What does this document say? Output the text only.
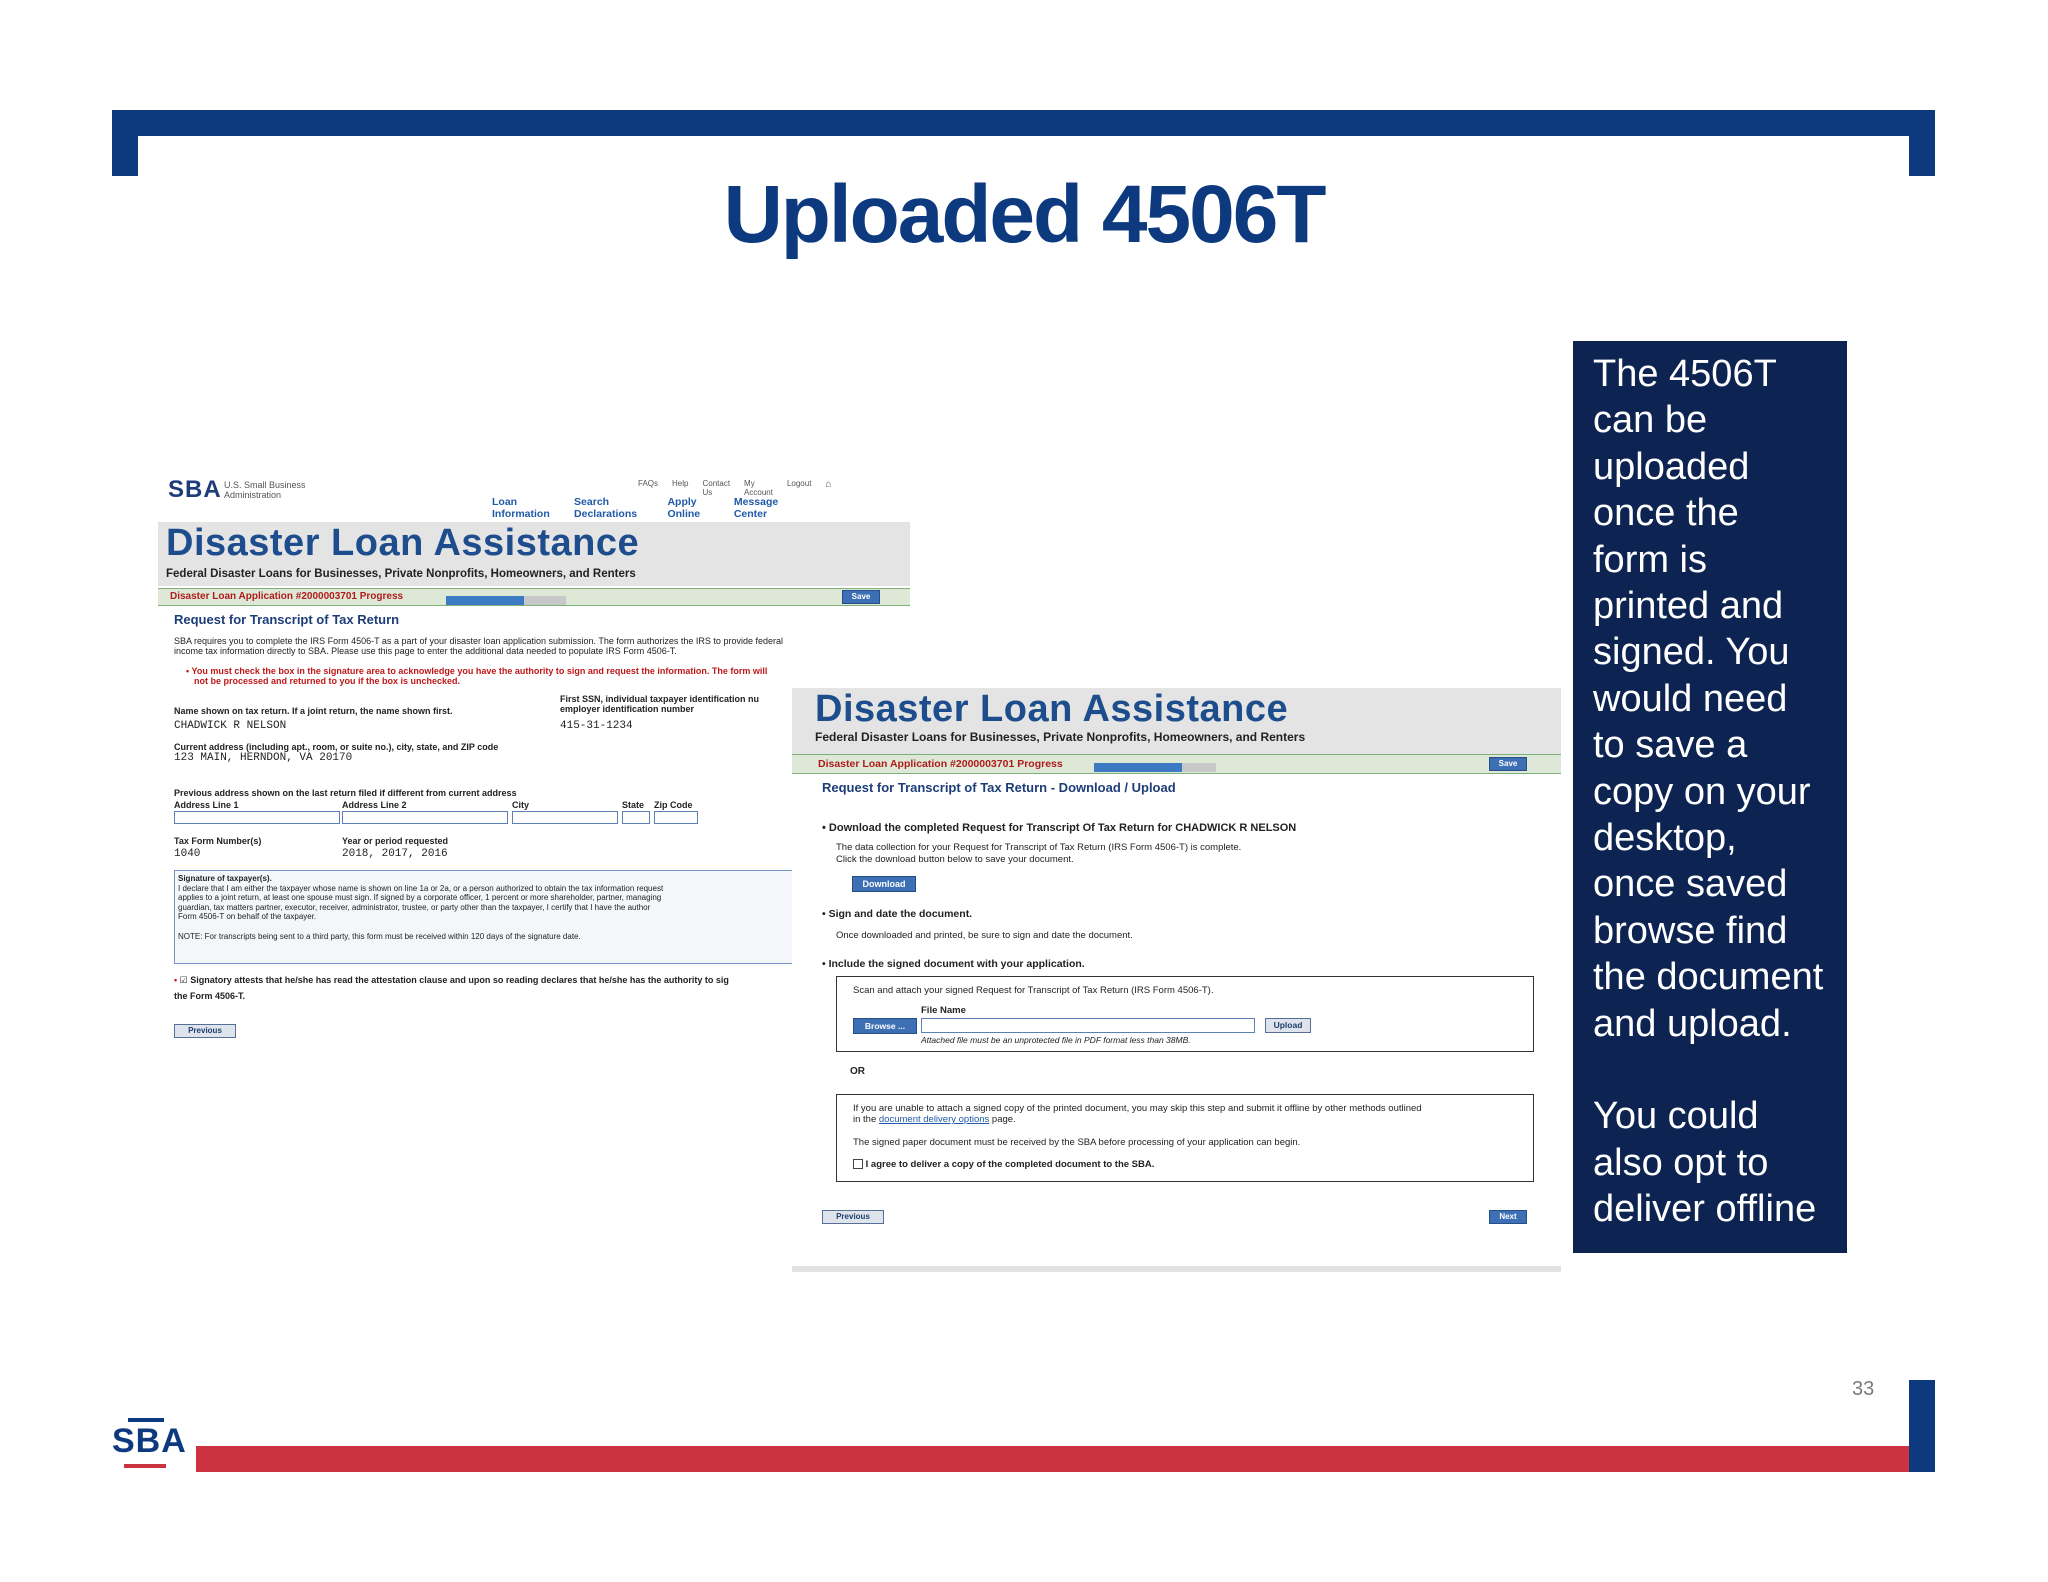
Uploaded 4506T
SBA U.S. Small Business
Administration
FAQs Help Contact Us
My Account
Logout ⌂
Loan Information
Search Declarations
Apply Online
Message Center
Disaster Loan Assistance
Federal Disaster Loans for Businesses, Private Nonprofits, Homeowners, and Renters
Disaster Loan Application #2000003701 Progress	Save
Request for Transcript of Tax Return
SBA requires you to complete the IRS Form 4506-T as a part of your disaster loan application submission. The form authorizes the IRS to provide federal
income tax information directly to SBA. Please use this page to enter the additional data needed to populate IRS Form 4506-T.
• You must check the box in the signature area to acknowledge you have the authority to sign and request the information. The form will
not be processed and returned to you if the box is unchecked.
Name shown on tax return. If a joint return, the name shown first.
CHADWICK R NELSON
First SSN, individual taxpayer identification nu
employer identification number
415-31-1234
Current address (including apt., room, or suite no.), city, state, and ZIP code
123 MAIN, HERNDON, VA 20170
Previous address shown on the last return filed if different from current address
Address Line 1	Address Line 2	City	State Zip Code
Tax Form Number(s)
1040
Year or period requested
2018, 2017, 2016
Signature of taxpayer(s).
I declare that I am either the taxpayer whose name is shown on line 1a or 2a, or a person authorized to obtain the tax information request
applies to a joint return, at least one spouse must sign. If signed by a corporate officer, 1 percent or more shareholder, partner, managing
guardian, tax matters partner, executor, receiver, administrator, trustee, or party other than the taxpayer, I certify that I have the author
Form 4506-T on behalf of the taxpayer.
NOTE: For transcripts being sent to a third party, this form must be received within 120 days of the signature date.
• ☑ Signatory attests that he/she has read the attestation clause and upon so reading declares that he/she has the authority to sig
the Form 4506-T.
Previous
Disaster Loan Assistance
Federal Disaster Loans for Businesses, Private Nonprofits, Homeowners, and Renters
Disaster Loan Application #2000003701 Progress	Save
Request for Transcript of Tax Return - Download / Upload
• Download the completed Request for Transcript Of Tax Return for CHADWICK R NELSON
The data collection for your Request for Transcript of Tax Return (IRS Form 4506-T) is complete.
Click the download button below to save your document.
Download
• Sign and date the document.
Once downloaded and printed, be sure to sign and date the document.
• Include the signed document with your application.
Scan and attach your signed Request for Transcript of Tax Return (IRS Form 4506-T).
File Name
Browse ...	Upload
Attached file must be an unprotected file in PDF format less than 38MB.
OR
If you are unable to attach a signed copy of the printed document, you may skip this step and submit it offline by other methods outlined
in the document delivery options page.
The signed paper document must be received by the SBA before processing of your application can begin.
I agree to deliver a copy of the completed document to the SBA.
Previous	Next

The 4506T

can be

uploaded

once the

form is

printed and

signed. You

would need

to save a

copy on your

desktop,

once saved

browse find

the document

and upload.

You could

also opt to

deliver offline

33
SBA
